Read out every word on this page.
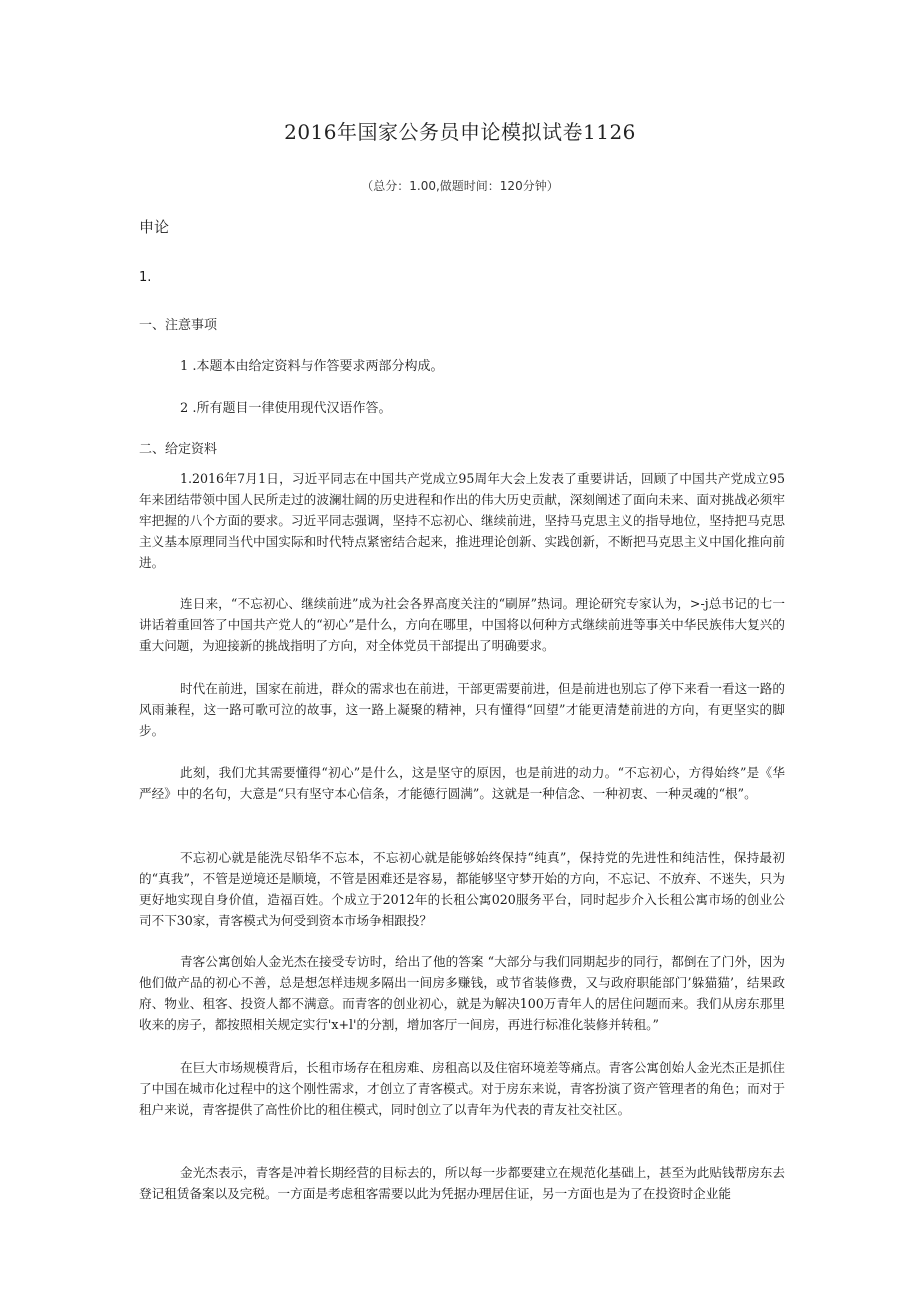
2016年国家公务员申论模拟试卷1126
（总分：1.00,做题时间：120分钟）
申论
1.
一、注意事项
1 .本题本由给定资料与作答要求两部分构成。
2 .所有题目一律使用现代汉语作答。
二、给定资料

1.2016年7月1日，习近平同志在中国共产党成立95周年大会上发表了重要讲话，回顾了中国共产党成立95年来团结带领中国人民所走过的波澜壮阔的历史进程和作出的伟大历史贡献，深刻阐述了面向未来、面对挑战必须牢牢把握的八个方面的要求。习近平同志强调，坚持不忘初心、继续前进，坚持马克思主义的指导地位，坚持把马克思主义基本原理同当代中国实际和时代特点紧密结合起来，推进理论创新、实践创新，不断把马克思主义中国化推向前进。

连日来，“不忘初心、继续前进”成为社会各界高度关注的“刷屏”热词。理论研究专家认为，>-j总书记的七一讲话着重回答了中国共产党人的“初心”是什么，方向在哪里，中国将以何种方式继续前进等事关中华民族伟大复兴的重大问题，为迎接新的挑战指明了方向，对全体党员干部提出了明确要求。

时代在前进，国家在前进，群众的需求也在前进，干部更需要前进，但是前进也别忘了停下来看一看这一路的风雨兼程，这一路可歌可泣的故事，这一路上凝聚的精神，只有懂得“回望”才能更清楚前进的方向，有更坚实的脚步。

此刻，我们尤其需要懂得“初心”是什么，这是坚守的原因，也是前进的动力。“不忘初心，方得始终”是《华严经》中的名句，大意是“只有坚守本心信条，才能德行圆满”。这就是一种信念、一种初衷、一种灵魂的“根”。

不忘初心就是能洗尽铅华不忘本，不忘初心就是能够始终保持“纯真”，保持党的先进性和纯洁性，保持最初的“真我”，不管是逆境还是顺境，不管是困难还是容易，都能够坚守梦开始的方向，不忘记、不放弃、不迷失，只为更好地实现自身价值，造福百姓。个成立于2012年的长租公寓020服务平台，同时起步介入长租公寓市场的创业公司不下30家，青客模式为何受到资本市场争相跟投？

青客公寓创始人金光杰在接受专访时，给出了他的答案 “大部分与我们同期起步的同行，都倒在了门外，因为他们做产品的初心不善，总是想怎样违规多隔出一间房多赚钱，或节省装修费，又与政府职能部门’躲猫猫’，结果政府、物业、租客、投资人都不满意。而青客的创业初心，就是为解决100万青年人的居住问题而来。我们从房东那里收来的房子，都按照相关规定实行'x+l'的分割，增加客厅一间房，再进行标准化装修并转租。”

在巨大市场规模背后，长租市场存在租房难、房租高以及住宿环境差等痛点。青客公寓创始人金光杰正是抓住了中国在城市化过程中的这个刚性需求，才创立了青客模式。对于房东来说，青客扮演了资产管理者的角色；而对于租户来说，青客提供了高性价比的租住模式，同时创立了以青年为代表的青友社交社区。

金光杰表示，青客是冲着长期经营的目标去的，所以每一步都要建立在规范化基础上，甚至为此贴钱帮房东去登记租赁备案以及完税。一方面是考虑租客需要以此为凭据办理居住证，另一方面也是为了在投资时企业能
